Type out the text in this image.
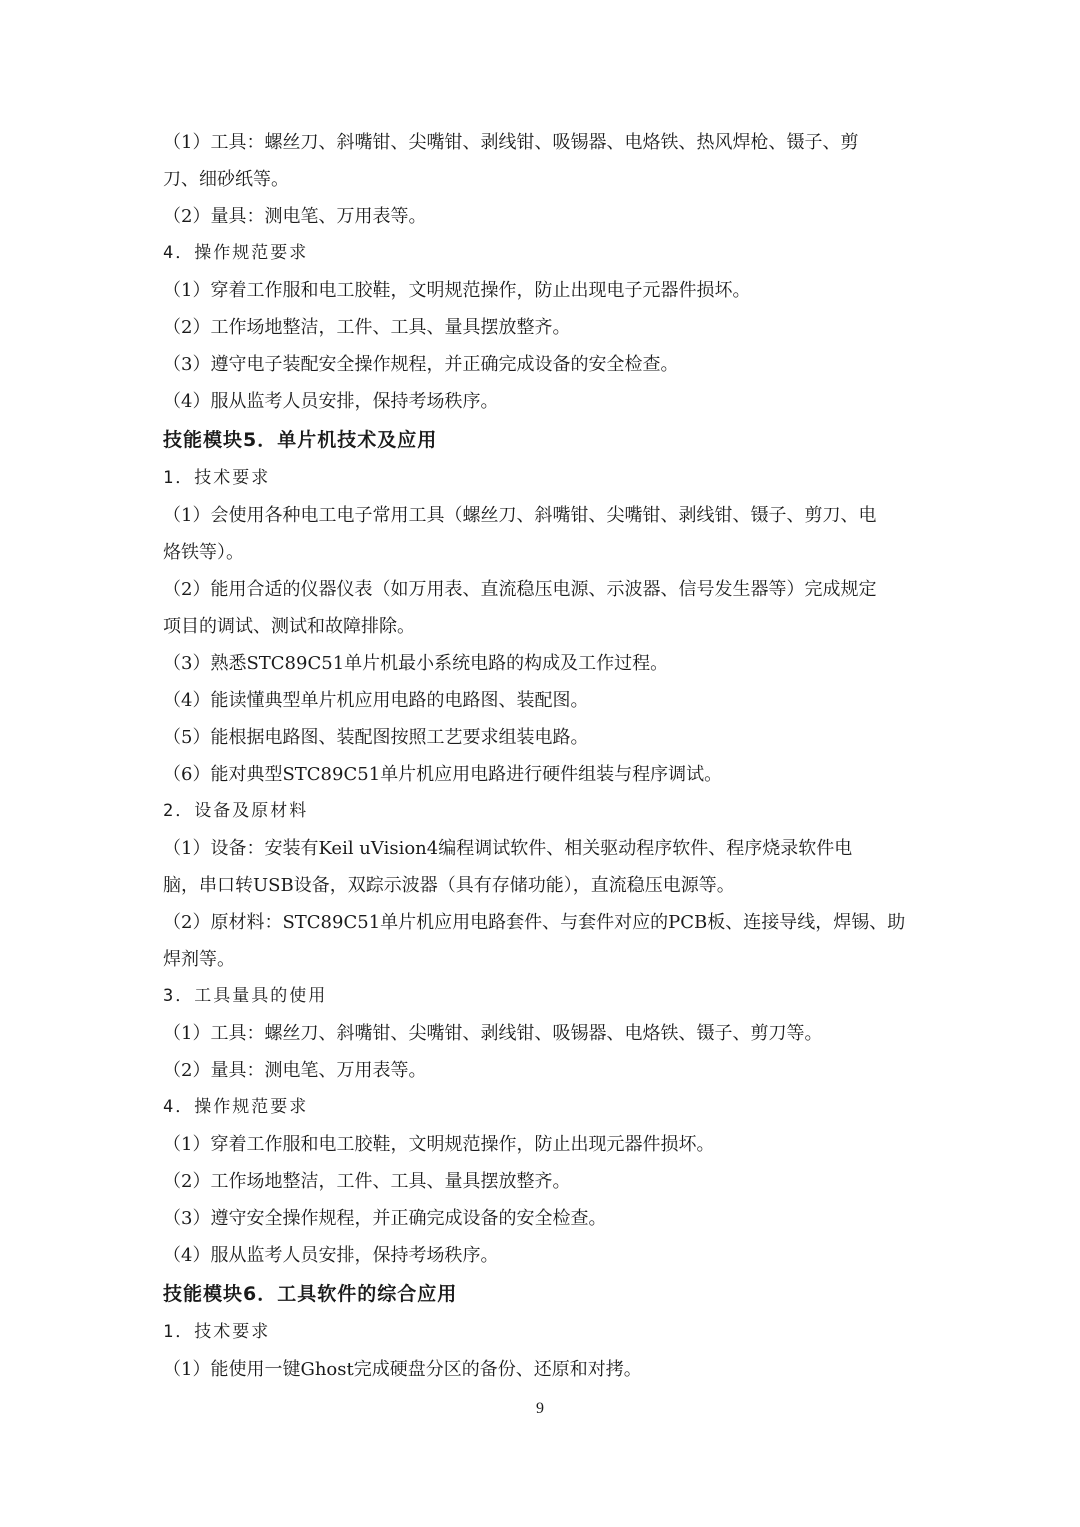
（1）工具：螺丝刀、斜嘴钳、尖嘴钳、剥线钳、吸锡器、电烙铁、热风焊枪、镊子、剪
刀、细砂纸等。
（2）量具：测电笔、万用表等。
4．操作规范要求
（1）穿着工作服和电工胶鞋，文明规范操作，防止出现电子元器件损坏。
（2）工作场地整洁，工件、工具、量具摆放整齐。
（3）遵守电子装配安全操作规程，并正确完成设备的安全检查。
（4）服从监考人员安排，保持考场秩序。
技能模块5．单片机技术及应用
1．技术要求
（1）会使用各种电工电子常用工具（螺丝刀、斜嘴钳、尖嘴钳、剥线钳、镊子、剪刀、电
烙铁等）。
（2）能用合适的仪器仪表（如万用表、直流稳压电源、示波器、信号发生器等）完成规定
项目的调试、测试和故障排除。
（3）熟悉STC89C51单片机最小系统电路的构成及工作过程。
（4）能读懂典型单片机应用电路的电路图、装配图。
（5）能根据电路图、装配图按照工艺要求组装电路。
（6）能对典型STC89C51单片机应用电路进行硬件组装与程序调试。
2．设备及原材料
（1）设备：安装有Keil uVision4编程调试软件、相关驱动程序软件、程序烧录软件电
脑，串口转USB设备，双踪示波器（具有存储功能），直流稳压电源等。
（2）原材料：STC89C51单片机应用电路套件、与套件对应的PCB板、连接导线，焊锡、助
焊剂等。
3．工具量具的使用
（1）工具：螺丝刀、斜嘴钳、尖嘴钳、剥线钳、吸锡器、电烙铁、镊子、剪刀等。
（2）量具：测电笔、万用表等。
4．操作规范要求
（1）穿着工作服和电工胶鞋，文明规范操作，防止出现元器件损坏。
（2）工作场地整洁，工件、工具、量具摆放整齐。
（3）遵守安全操作规程，并正确完成设备的安全检查。
（4）服从监考人员安排，保持考场秩序。
技能模块6．工具软件的综合应用
1．技术要求
（1）能使用一键Ghost完成硬盘分区的备份、还原和对拷。
9
